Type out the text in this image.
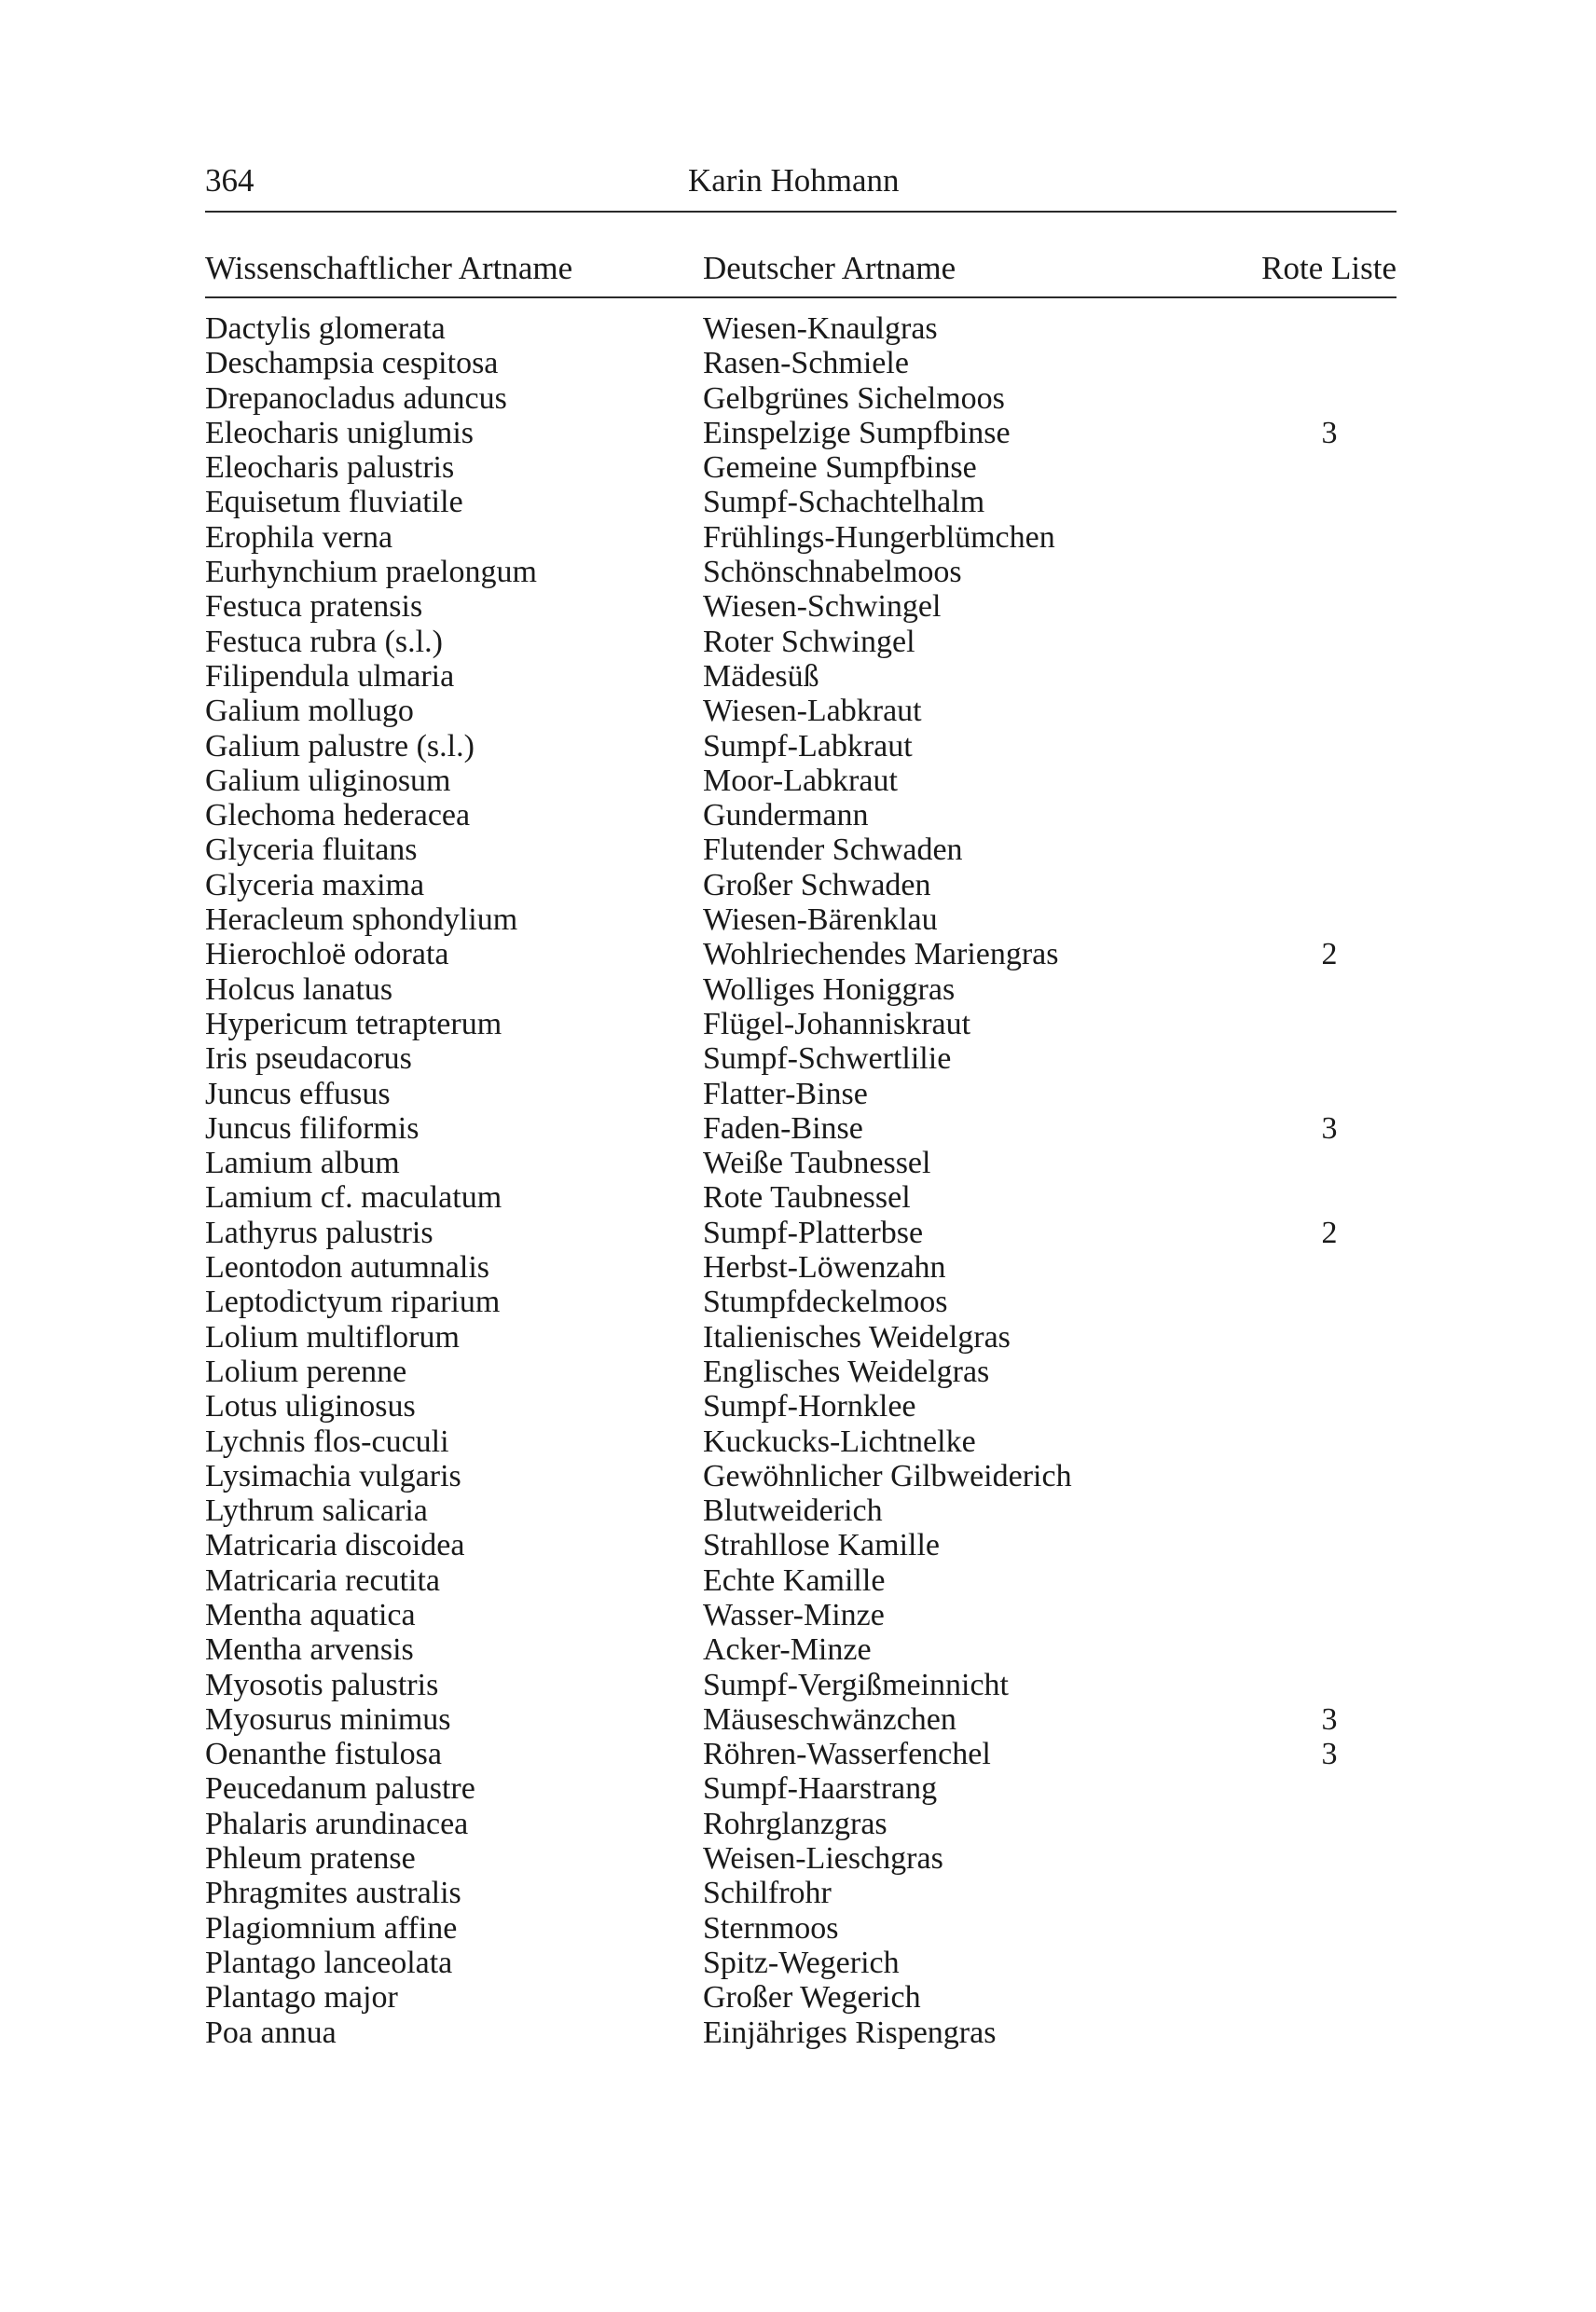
364	Karin Hohmann
Wissenschaftlicher Artname	Deutscher Artname	Rote Liste
Dactylis glomerata	Wiesen-Knaulgras
Deschampsia cespitosa	Rasen-Schmiele
Drepanocladus aduncus	Gelbgrünes Sichelmoos
Eleocharis uniglumis	Einspelzige Sumpfbinse	3
Eleocharis palustris	Gemeine Sumpfbinse
Equisetum fluviatile	Sumpf-Schachtelhalm
Erophila verna	Frühlings-Hungerblümchen
Eurhynchium praelongum	Schönschnabelmoos
Festuca pratensis	Wiesen-Schwingel
Festuca rubra (s.l.)	Roter Schwingel
Filipendula ulmaria	Mädesüß
Galium mollugo	Wiesen-Labkraut
Galium palustre (s.l.)	Sumpf-Labkraut
Galium uliginosum	Moor-Labkraut
Glechoma hederacea	Gundermann
Glyceria fluitans	Flutender Schwaden
Glyceria maxima	Großer Schwaden
Heracleum sphondylium	Wiesen-Bärenklau
Hierochloë odorata	Wohlriechendes Mariengras	2
Holcus lanatus	Wolliges Honiggras
Hypericum tetrapterum	Flügel-Johanniskraut
Iris pseudacorus	Sumpf-Schwertlilie
Juncus effusus	Flatter-Binse
Juncus filiformis	Faden-Binse	3
Lamium album	Weiße Taubnessel
Lamium cf. maculatum	Rote Taubnessel
Lathyrus palustris	Sumpf-Platterbse	2
Leontodon autumnalis	Herbst-Löwenzahn
Leptodictyum riparium	Stumpfdeckelmoos
Lolium multiflorum	Italienisches Weidelgras
Lolium perenne	Englisches Weidelgras
Lotus uliginosus	Sumpf-Hornklee
Lychnis flos-cuculi	Kuckucks-Lichtnelke
Lysimachia vulgaris	Gewöhnlicher Gilbweiderich
Lythrum salicaria	Blutweiderich
Matricaria discoidea	Strahllose Kamille
Matricaria recutita	Echte Kamille
Mentha aquatica	Wasser-Minze
Mentha arvensis	Acker-Minze
Myosotis palustris	Sumpf-Vergißmeinnicht
Myosurus minimus	Mäuseschwänzchen	3
Oenanthe fistulosa	Röhren-Wasserfenchel	3
Peucedanum palustre	Sumpf-Haarstrang
Phalaris arundinacea	Rohrglanzgras
Phleum pratense	Weisen-Lieschgras
Phragmites australis	Schilfrohr
Plagiomnium affine	Sternmoos
Plantago lanceolata	Spitz-Wegerich
Plantago major	Großer Wegerich
Poa annua	Einjähriges Rispengras
